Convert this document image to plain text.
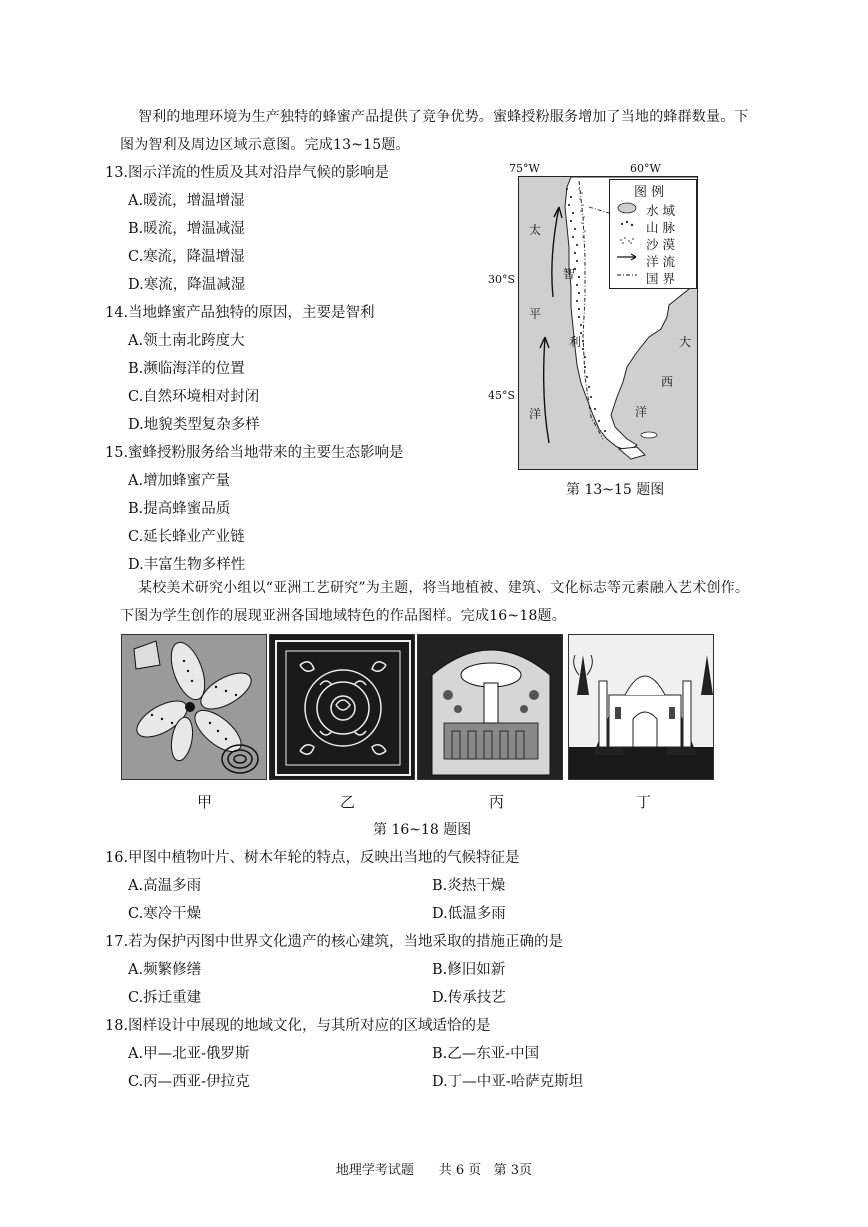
智利的地理环境为生产独特的蜂蜜产品提供了竞争优势。蜜蜂授粉服务增加了当地的蜂群数量。下图为智利及周边区域示意图。完成13~15题。
13.图示洋流的性质及其对沿岸气候的影响是
A.暖流，增温增湿
B.暖流，增温减湿
C.寒流，降温增湿
D.寒流，降温减湿
14.当地蜂蜜产品独特的原因，主要是智利
A.领土南北跨度大
B.濒临海洋的位置
C.自然环境相对封闭
D.地貌类型复杂多样
15.蜜蜂授粉服务给当地带来的主要生态影响是
A.增加蜂蜜产量
B.提高蜂蜜品质
C.延长蜂业产业链
D.丰富生物多样性
75°W	60°W
30°S
45°S
太
平
洋
大
西
洋
智
利
图 例
水 域
山 脉
沙 漠
洋 流
国 界
第 13~15 题图
某校美术研究小组以“亚洲工艺研究”为主题，将当地植被、建筑、文化标志等元素融入艺术创作。下图为学生创作的展现亚洲各国地域特色的作品图样。完成16~18题。
甲	乙	丙	丁
第 16~18 题图
16.甲图中植物叶片、树木年轮的特点，反映出当地的气候特征是
A.高温多雨	B.炎热干燥
C.寒冷干燥	D.低温多雨
17.若为保护丙图中世界文化遗产的核心建筑，当地采取的措施正确的是
A.频繁修缮	B.修旧如新
C.拆迁重建	D.传承技艺
18.图样设计中展现的地域文化，与其所对应的区域适恰的是
A.甲—北亚-俄罗斯	B.乙—东亚-中国
C.丙—西亚-伊拉克	D.丁—中亚-哈萨克斯坦
地理学考试题      共 6 页   第 3页
